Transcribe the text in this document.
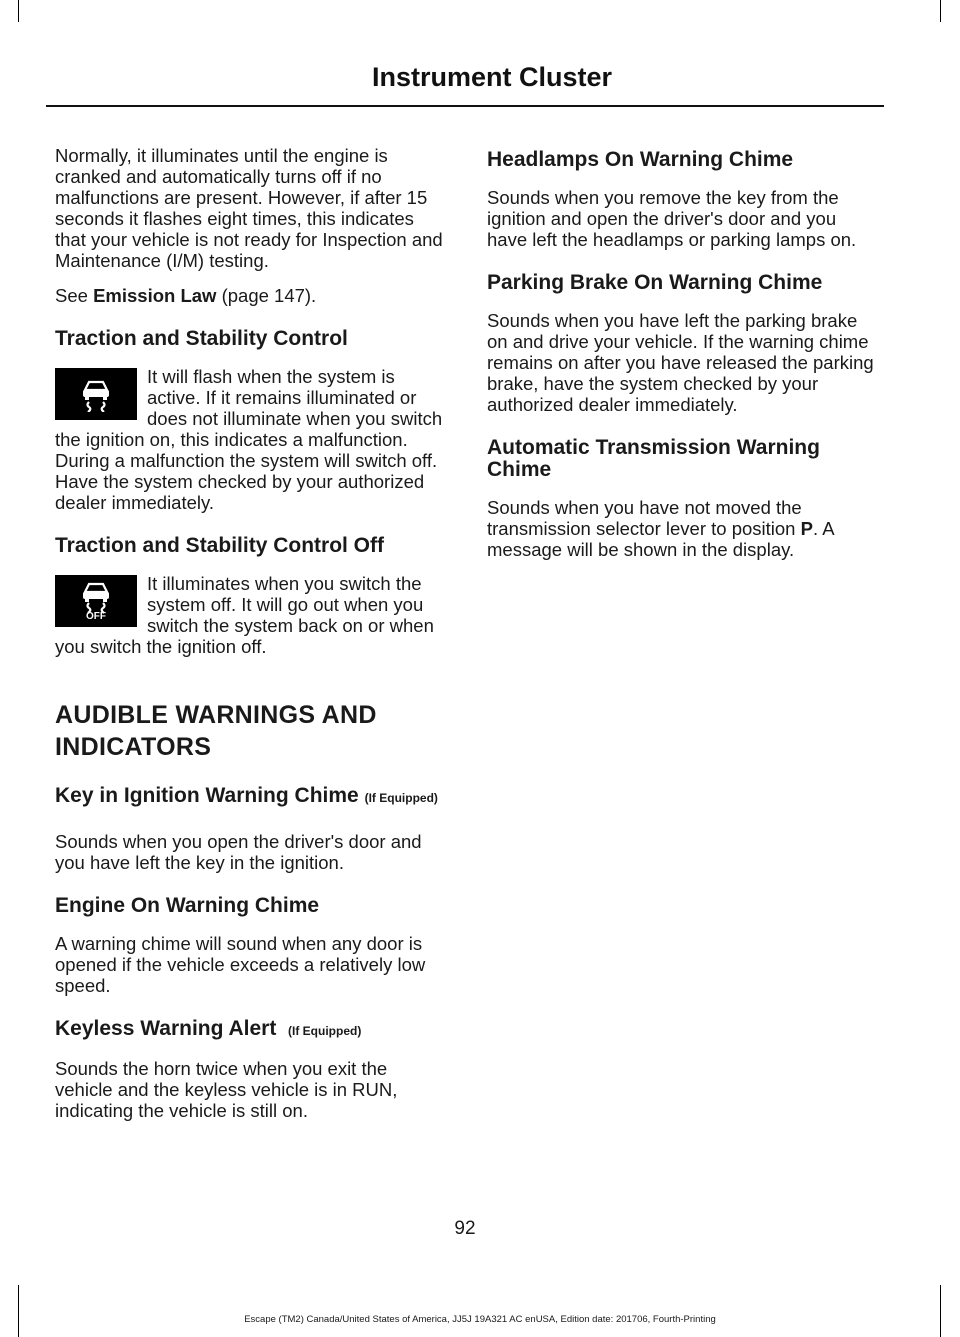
Instrument Cluster

Normally, it illuminates until the engine is cranked and automatically turns off if no malfunctions are present. However, if after 15 seconds it flashes eight times, this indicates that your vehicle is not ready for Inspection and Maintenance (I/M) testing.

See Emission Law (page 147).

Traction and Stability Control

It will flash when the system is active. If it remains illuminated or does not illuminate when you switch the ignition on, this indicates a malfunction. During a malfunction the system will switch off. Have the system checked by your authorized dealer immediately.

Traction and Stability Control Off
OFF

It illuminates when you switch the system off. It will go out when you switch the system back on or when you switch the ignition off.

AUDIBLE WARNINGS AND
INDICATORS
Key in Ignition Warning Chime (If Equipped)

Sounds when you open the driver's door and you have left the key in the ignition.

Engine On Warning Chime

A warning chime will sound when any door is opened if the vehicle exceeds a relatively low speed.

Keyless Warning Alert (If Equipped)

Sounds the horn twice when you exit the vehicle and the keyless vehicle is in RUN, indicating the vehicle is still on.

Headlamps On Warning Chime

Sounds when you remove the key from the ignition and open the driver's door and you have left the headlamps or parking lamps on.

Parking Brake On Warning Chime

Sounds when you have left the parking brake on and drive your vehicle. If the warning chime remains on after you have released the parking brake, have the system checked by your authorized dealer immediately.

Automatic Transmission Warning Chime

Sounds when you have not moved the transmission selector lever to position P. A message will be shown in the display.

92
Escape (TM2) Canada/United States of America, JJ5J 19A321 AC enUSA, Edition date: 201706, Fourth-Printing
